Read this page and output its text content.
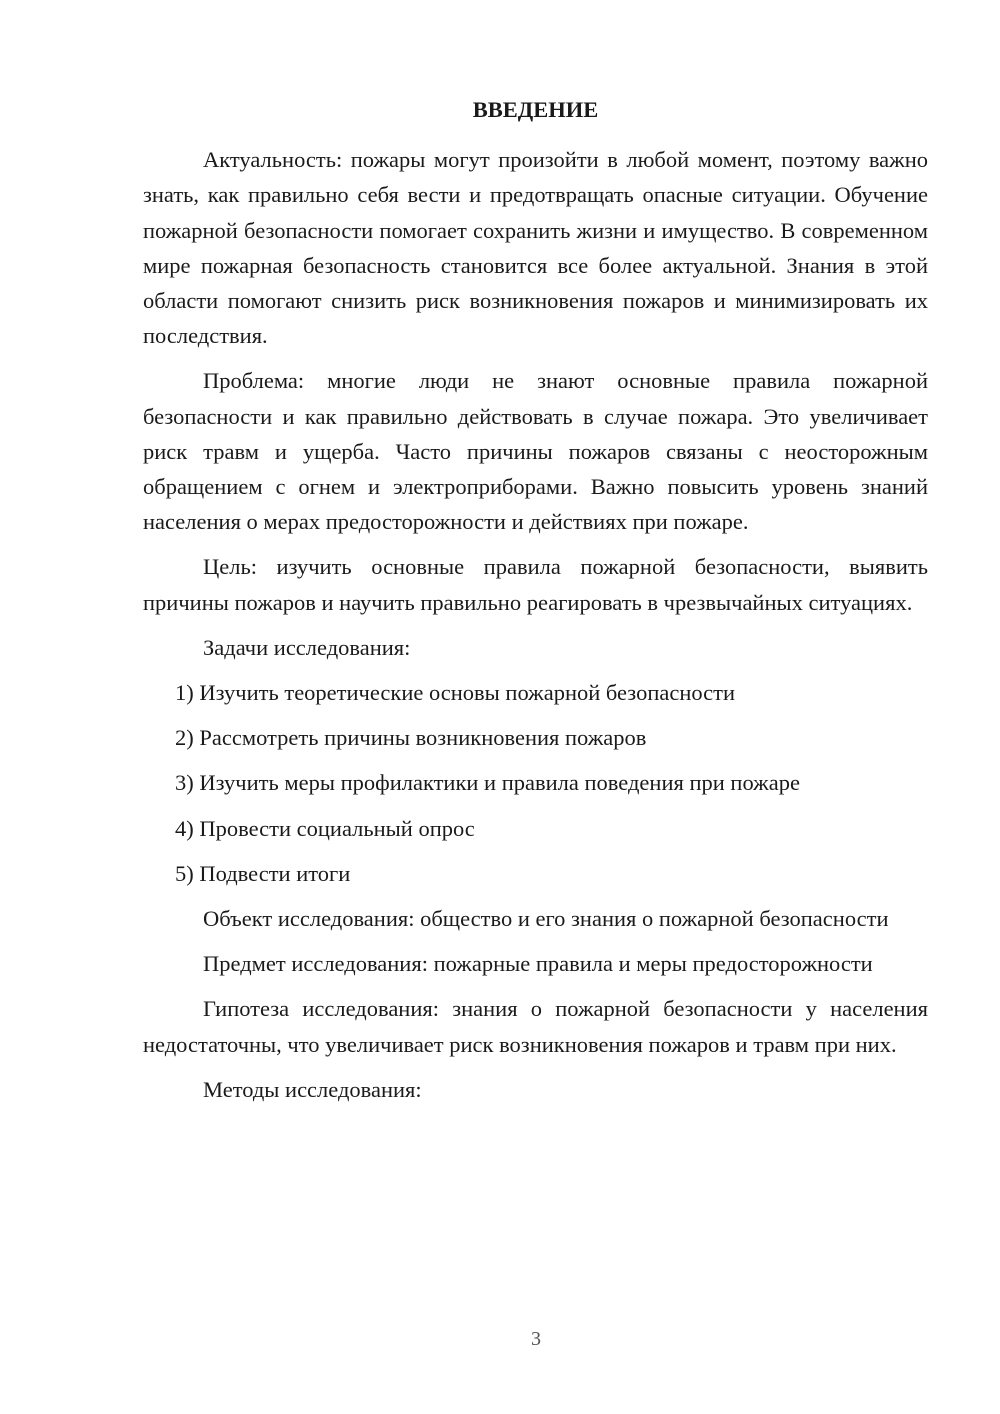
ВВЕДЕНИЕ

Актуальность: пожары могут произойти в любой момент, поэтому важно знать, как правильно себя вести и предотвращать опасные ситуации. Обучение пожарной безопасности помогает сохранить жизни и имущество. В современном мире пожарная безопасность становится все более актуальной. Знания в этой области помогают снизить риск возникновения пожаров и минимизировать их последствия.

Проблема: многие люди не знают основные правила пожарной безопасности и как правильно действовать в случае пожара. Это увеличивает риск травм и ущерба. Часто причины пожаров связаны с неосторожным обращением с огнем и электроприборами. Важно повысить уровень знаний населения о мерах предосторожности и действиях при пожаре.

Цель: изучить основные правила пожарной безопасности, выявить причины пожаров и научить правильно реагировать в чрезвычайных ситуациях.

Задачи исследования:

1) Изучить теоретические основы пожарной безопасности
2) Рассмотреть причины возникновения пожаров
3) Изучить меры профилактики и правила поведения при пожаре
4) Провести социальный опрос
5) Подвести итоги

Объект исследования: общество и его знания о пожарной безопасности

Предмет исследования: пожарные правила и меры предосторожности

Гипотеза исследования: знания о пожарной безопасности у населения недостаточны, что увеличивает риск возникновения пожаров и травм при них.

Методы исследования:

3
